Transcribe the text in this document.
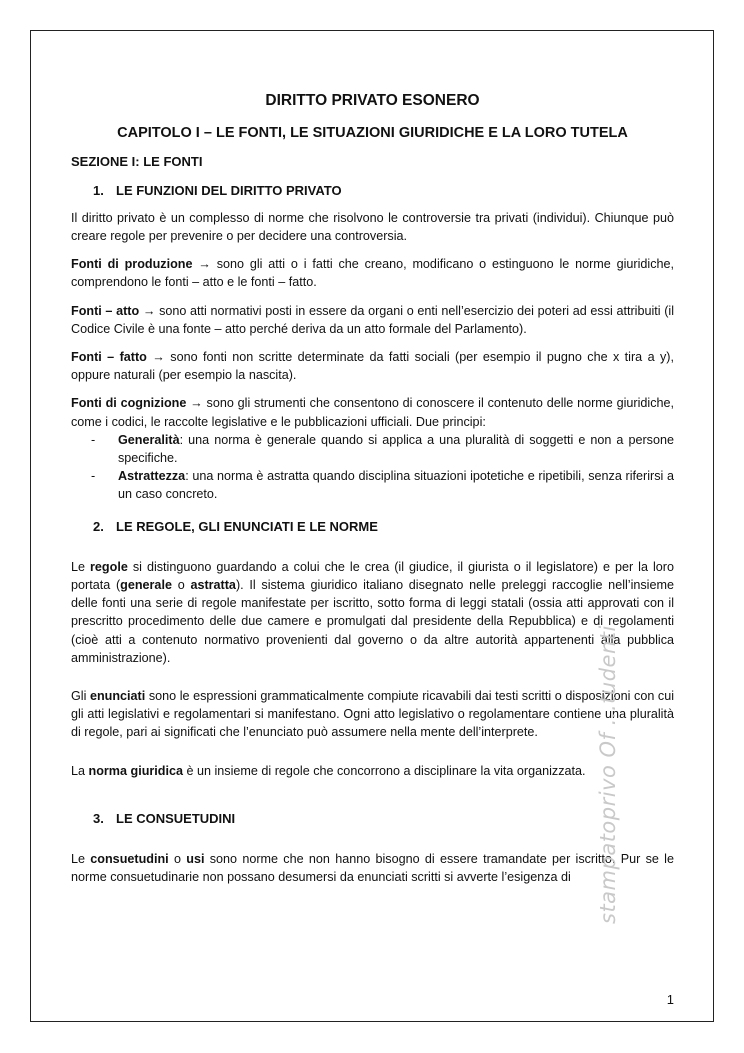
DIRITTO PRIVATO ESONERO
CAPITOLO I – LE FONTI, LE SITUAZIONI GIURIDICHE E LA LORO TUTELA
SEZIONE I: LE FONTI
1. LE FUNZIONI DEL DIRITTO PRIVATO

Il diritto privato è un complesso di norme che risolvono le controversie tra privati (individui). Chiunque può creare regole per prevenire o per decidere una controversia.

Fonti di produzione → sono gli atti o i fatti che creano, modificano o estinguono le norme giuridiche, comprendono le fonti – atto e le fonti – fatto.

Fonti – atto → sono atti normativi posti in essere da organi o enti nell’esercizio dei poteri ad essi attribuiti (il Codice Civile è una fonte – atto perché deriva da un atto formale del Parlamento).

Fonti – fatto → sono fonti non scritte determinate da fatti sociali (per esempio il pugno che x tira a y), oppure naturali (per esempio la nascita).

Fonti di cognizione → sono gli strumenti che consentono di conoscere il contenuto delle norme giuridiche, come i codici, le raccolte legislative e le pubblicazioni ufficiali. Due principi:

- Generalità: una norma è generale quando si applica a una pluralità di soggetti e non a persone specifiche.
- Astrattezza: una norma è astratta quando disciplina situazioni ipotetiche e ripetibili, senza riferirsi a un caso concreto.
2. LE REGOLE, GLI ENUNCIATI E LE NORME

Le regole si distinguono guardando a colui che le crea (il giudice, il giurista o il legislatore) e per la loro portata (generale o astratta). Il sistema giuridico italiano disegnato nelle preleggi raccoglie nell’insieme delle fonti una serie di regole manifestate per iscritto, sotto forma di leggi statali (ossia atti approvati con il prescritto procedimento delle due camere e promulgati dal presidente della Repubblica) e di regolamenti (cioè atti a contenuto normativo provenienti dal governo o da altre autorità appartenenti alla pubblica amministrazione).

Gli enunciati sono le espressioni grammaticalmente compiute ricavabili dai testi scritti o disposizioni con cui gli atti legislativi e regolamentari si manifestano. Ogni atto legislativo o regolamentare contiene una pluralità di regole, pari ai significati che l’enunciato può assumere nella mente dell’interprete.

La norma giuridica è un insieme di regole che concorrono a disciplinare la vita organizzata.

3. LE CONSUETUDINI

Le consuetudini o usi sono norme che non hanno bisogno di essere tramandate per iscritto. Pur se le norme consuetudinarie non possano desumersi da enunciati scritti si avverte l’esigenza di	stampatoprivo Of ...tudenti
1
